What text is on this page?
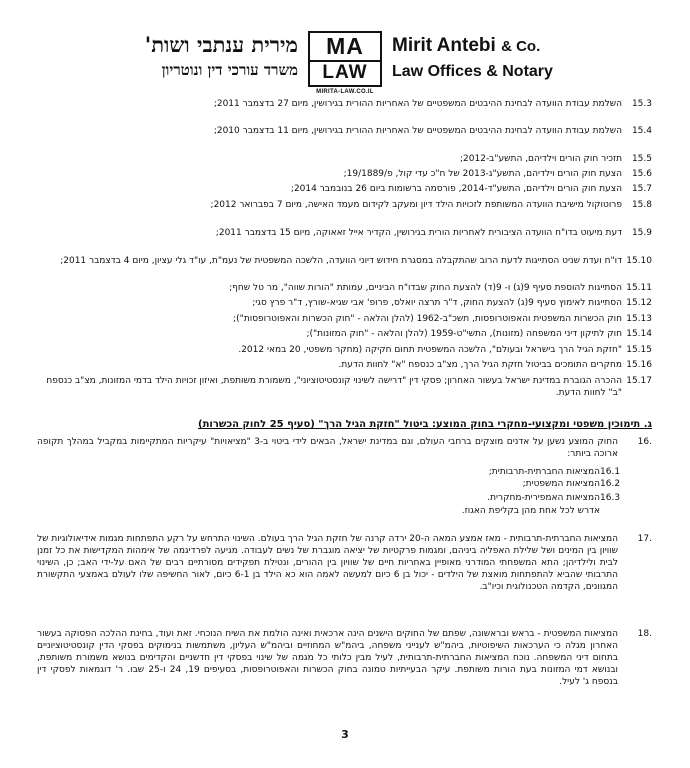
מירית ענתבי ושות'
משרד עורכי דין ונוטריון
MA
LAW
MIRITA-LAW.CO.IL
Mirit Antebi & Co.
Law Offices & Notary
15.3
השלמת עבודת הוועדה לבחינת ההיבטים המשפטיים של האחריות ההורית בגירושין, מיום 27 בדצמבר 2011;
15.4
השלמת עבודת הוועדה לבחינת ההיבטים המשפטיים של האחריות ההורית בגירושין, מיום 11 בדצמבר 2010;
15.5
תזכיר חוק הורים וילדיהם, התשע"ב-2012;
15.6
הצעת חוק הורים וילדיהם, התשע"ג-2013 של ח"כ עדי קול, פ/19/1889;
15.7
הצעת חוק הורים וילדיהם, התשע"ד-2014, פורסמה ברשומות ביום 26 בנובמבר 2014;
15.8
פרוטוקול מישיבת הוועדה המשותפת לזכויות הילד דיון ומעקב לקידום מעמד האישה, מיום 7 בפברואר 2012;
15.9
דעת מיעוט בדו"ח הוועדה הציבורית לאחריות הורית בגירושין, הקדיר אייל זאאוקה, מיום 15 בדצמבר 2011;
15.10
דו"ח ועדת שניט הסתייגות לדעת הרוב שהתקבלה במסגרת חידוש דיוני הוועדה, הלשכה המשפטית של נעמ"ת, עו"ד גלי עציון, מיום 4 בדצמבר 2011;
15.11
הסתייגות להוספת סעיף 9(ג) ו- 9(ד) להצעת החוק שבדו"ח הביניים, עמותת "הורות שווה", מר טל שחף;
15.12
הסתייגות לאימוץ סעיף 9(ג) להצעת החוק, ד"ר תרצה יואלס, פרופ' אבי שגיא-שורץ, ד"ר פרץ סגי;
15.13
חוק הכשרות המשפטית והאפוטרופסות, תשכ"ב-1962 (להלן והלאה - "חוק הכשרות והאפוטרופסות");
15.14
חוק לתיקון דיני המשפחה (מזונות), התשי"ט-1959 (להלן והלאה - "חוק המזונות");
15.15
"חזקת הגיל הרך בישראל ובעולם", הלשכה המשפטית תחום חקיקה (מחקר משפטי, 20 במאי 2012.
15.16
מחקרים התומכים בביטול חזקת הגיל הרך, מצ"ב כנספח "א" לחוות הדעת.
15.17
ההכרה הגוברת במדינת ישראל בעשור האחרון; פסקי דין "דרישה לשינוי קונסטיטוציוני", משמורת משותפת, ואיזון זכויות הילד בדמי המזונות, מצ"ב כנספח "ב" לחוות הדעת.
ג. תימוכין משפטי ומקצועי-מחקרי בחוק המוצע: ביטול "חזקת הגיל הרך" (סעיף 25 לחוק הכשרות)
16.
החוק המוצע נשען על אדנים מוצקים ברחבי העולם, וגם במדינת ישראל, הבאים לידי ביטוי ב-3 "מציאויות" עיקריות המתקיימות במקביל במהלך תקופה ארוכה ביותר:
16.1המציאות החברתית-תרבותית;
16.2המציאות המשפטית;
16.3המציאות האמפירית-מחקרית.
אדרש לכל אחת מהן בקליפת האגוז.
17.
המציאות החברתית-תרבותית - מאז אמצע המאה ה-20 ירדה קרנה של חזקת הגיל הרך בעולם. השינוי התרחש על רקע התפתחות מגמות אידיאולוגיות של שוויון בין המינים ושל שלילת האפליה ביניהם, ומגמות פרקטיות של יציאה מוגברת של נשים לעבודה. מגיעה לפרדיגמה של אימהות המקדישות את כל זמנן לבית ולילדיהן; התא המשפחתי המודרני מאופיין באחריות חיים של שוויון בין ההורים, ונטילת תפקידים מסורתיים רבים של האם על-ידי האב; כן, השינוי התרבותי שהביא להתפתחות מואצת של הילדים - יכול בן 6 כיום למעשה לאמה הוא כא הילד בן 6-1 כיום, לאור החשיפה שלו לעולם באמצעי התקשורת המגוונים, הקדמה הטכנולוגית וכיו"ב.
18.
המציאות המשפטית - בראש ובראשונה, שפתם של החוקים הישנים הינה ארכאית ואינה הולמת את השיח הנוכחי. זאת ועוד, בחינת ההלכה הפסוקה בעשור האחרון מגלה כי הערכאות השיפוטיות, ביהמ"ש לענייני משפחה, ביהמ"ש המחוזיים וביהמ"ש העליון, משתמשות בנימוקים בפסקי הדין קונסטיטוציוניים בתחום דיני המשפחה. נוכח המציאות החברתית-תרבותית, לעיל מבין כלותי כל מגמה של שינוי בפסקי דין חדשניים והקדימים בנושא משמורת משותפת, ובנושא דמי המזונות בעת הורות משותפת. עיקר הבעייתיות טמונה בחוק הכשרות והאפוטרופסות, בסעיפים 19, 24 ו-25 שבו. ר' דוגמאות לפסקי דין בנספח ג' לעיל.
3
